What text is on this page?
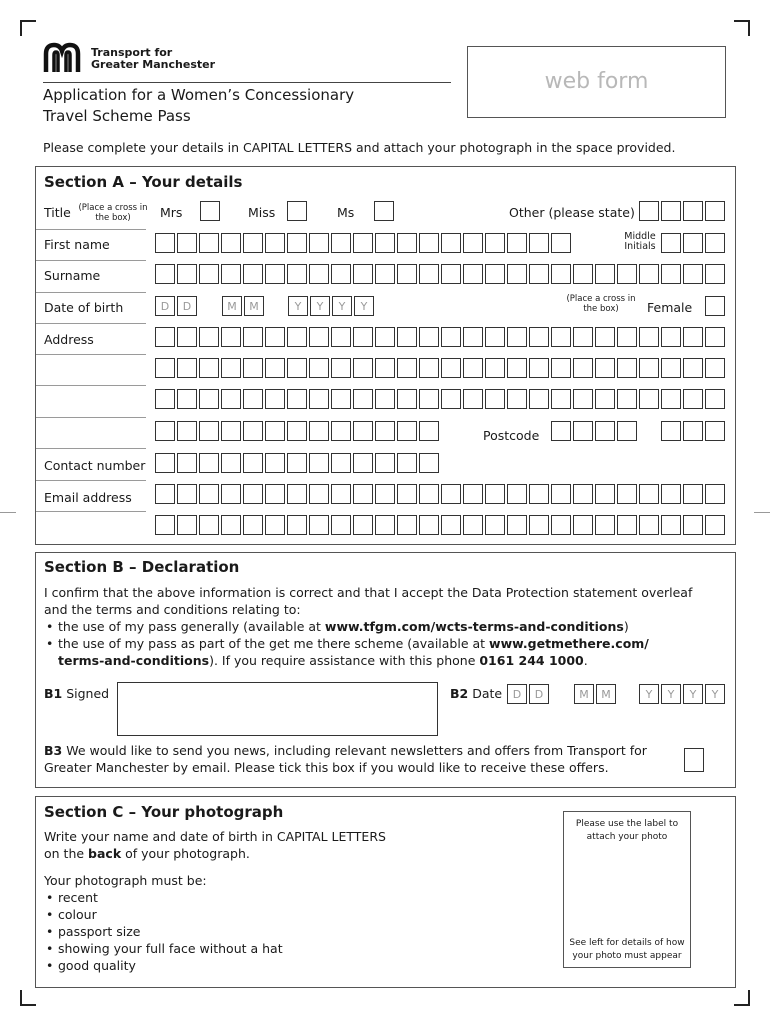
Transport for
Greater Manchester
Application for a Women’s Concessionary
Travel Scheme Pass
web form
Please complete your details in CAPITAL LETTERS and attach your photograph in the space provided.
Section A – Your details
Title (Place a cross in the box)	Mrs	Miss	Ms	Other (please state)
First name
Middle Initials
Surname
Date of birth	D	D	M	M	Y	Y	Y	Y
(Place a cross in the box)	Female
Address
Postcode
Contact number
Email address
Section B – Declaration
I confirm that the above information is correct and that I accept the Data Protection statement overleaf
and the terms and conditions relating to:
• the use of my pass generally (available at www.tfgm.com/wcts-terms-and-conditions)
• the use of my pass as part of the get me there scheme (available at www.getmethere.com/
terms-and-conditions). If you require assistance with this phone 0161 244 1000.
B1 Signed	B2 Date D	D	M	M	Y	Y	Y	Y
B3 We would like to send you news, including relevant newsletters and offers from Transport for
Greater Manchester by email. Please tick this box if you would like to receive these offers.
Section C – Your photograph
Write your name and date of birth in CAPITAL LETTERS
on the back of your photograph.
Your photograph must be:
• recent
• colour
• passport size
• showing your full face without a hat
• good quality
Please use the label to attach your photo
See left for details of how your photo must appear
